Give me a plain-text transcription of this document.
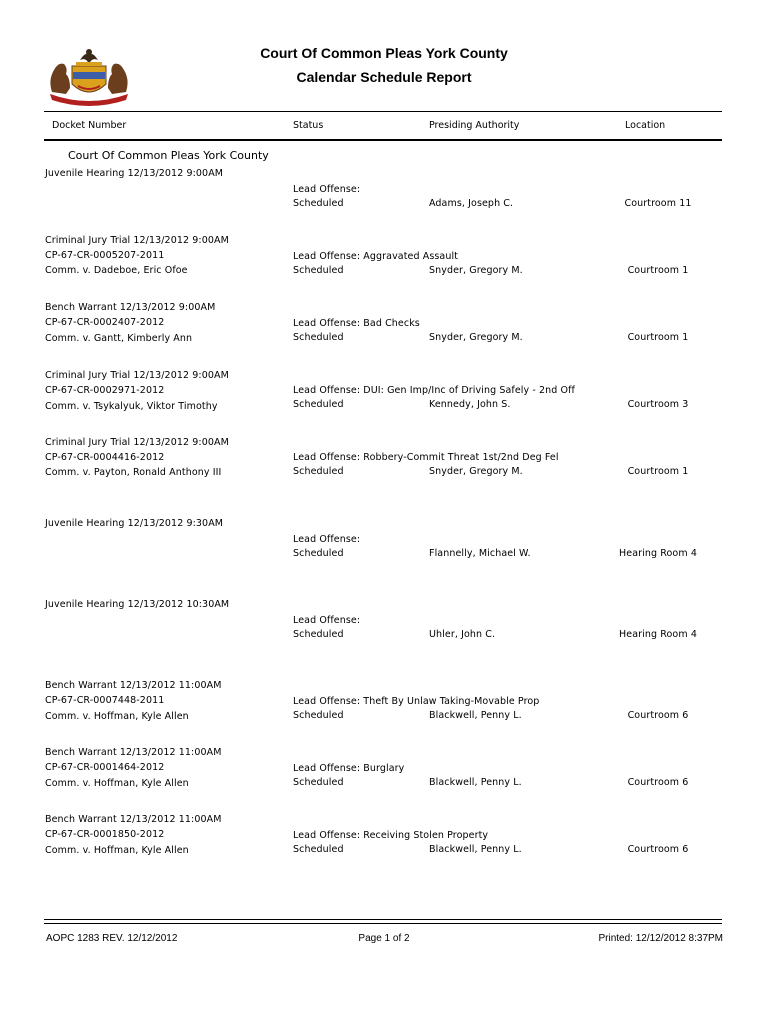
Court Of Common Pleas York County
Calendar Schedule Report
Docket Number	Status	Presiding Authority	Location
Court Of Common Pleas York County
Juvenile Hearing 12/13/2012 9:00AM
Lead Offense:
Scheduled	Adams, Joseph C.	Courtroom 11
Criminal Jury Trial 12/13/2012 9:00AM
CP-67-CR-0005207-2011
Comm. v. Dadeboe, Eric Ofoe
Lead Offense: Aggravated Assault
Scheduled	Snyder, Gregory M.	Courtroom 1
Bench Warrant 12/13/2012 9:00AM
CP-67-CR-0002407-2012
Comm. v. Gantt, Kimberly Ann
Lead Offense: Bad Checks
Scheduled	Snyder, Gregory M.	Courtroom 1
Criminal Jury Trial 12/13/2012 9:00AM
CP-67-CR-0002971-2012
Comm. v. Tsykalyuk, Viktor Timothy
Lead Offense: DUI: Gen Imp/Inc of Driving Safely - 2nd Off
Scheduled	Kennedy, John S.	Courtroom 3
Criminal Jury Trial 12/13/2012 9:00AM
CP-67-CR-0004416-2012
Comm. v. Payton, Ronald Anthony III
Lead Offense: Robbery-Commit Threat 1st/2nd Deg Fel
Scheduled	Snyder, Gregory M.	Courtroom 1
Juvenile Hearing 12/13/2012 9:30AM
Lead Offense:
Scheduled	Flannelly, Michael W.	Hearing Room 4
Juvenile Hearing 12/13/2012 10:30AM
Lead Offense:
Scheduled	Uhler, John C.	Hearing Room 4
Bench Warrant 12/13/2012 11:00AM
CP-67-CR-0007448-2011
Comm. v. Hoffman, Kyle Allen
Lead Offense: Theft By Unlaw Taking-Movable Prop
Scheduled	Blackwell, Penny L.	Courtroom 6
Bench Warrant 12/13/2012 11:00AM
CP-67-CR-0001464-2012
Comm. v. Hoffman, Kyle Allen
Lead Offense: Burglary
Scheduled	Blackwell, Penny L.	Courtroom 6
Bench Warrant 12/13/2012 11:00AM
CP-67-CR-0001850-2012
Comm. v. Hoffman, Kyle Allen
Lead Offense: Receiving Stolen Property
Scheduled	Blackwell, Penny L.	Courtroom 6
AOPC 1283 REV. 12/12/2012	Page 1 of 2	Printed: 12/12/2012 8:37PM
